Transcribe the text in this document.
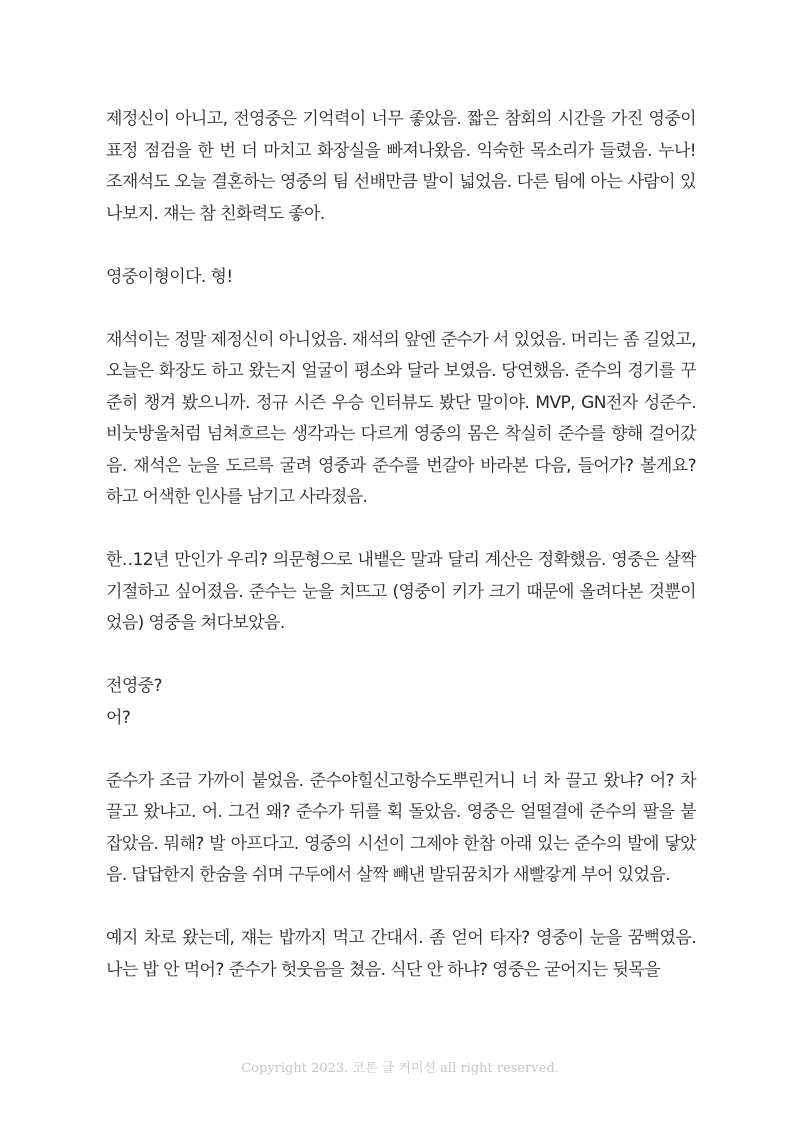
제정신이 아니고, 전영중은 기억력이 너무 좋았음. 짧은 참회의 시간을 가진 영중이 표정 점검을 한 번 더 마치고 화장실을 빠져나왔음. 익숙한 목소리가 들렸음. 누나! 조재석도 오늘 결혼하는 영중의 팀 선배만큼 발이 넓었음. 다른 팀에 아는 사람이 있나보지. 쟤는 참 친화력도 좋아.

영중이형이다. 형!

재석이는 정말 제정신이 아니었음. 재석의 앞엔 준수가 서 있었음. 머리는 좀 길었고, 오늘은 화장도 하고 왔는지 얼굴이 평소와 달라 보였음. 당연했음. 준수의 경기를 꾸준히 챙겨 봤으니까. 정규 시즌 우승 인터뷰도 봤단 말이야. MVP, GN전자 성준수. 비눗방울처럼 넘쳐흐르는 생각과는 다르게 영중의 몸은 착실히 준수를 향해 걸어갔음. 재석은 눈을 도르륵 굴려 영중과 준수를 번갈아 바라본 다음, 들어가? 볼게요? 하고 어색한 인사를 남기고 사라졌음.

한‥12년 만인가 우리? 의문형으로 내뱉은 말과 달리 계산은 정확했음. 영중은 살짝 기절하고 싶어졌음. 준수는 눈을 치뜨고 (영중이 키가 크기 때문에 올려다본 것뿐이었음) 영중을 쳐다보았음.

전영중?

어?

준수가 조금 가까이 붙었음. 준수야힐신고항수도뿌린거니 너 차 끌고 왔냐? 어? 차 끌고 왔냐고. 어. 그건 왜? 준수가 뒤를 획 돌았음. 영중은 얼떨결에 준수의 팔을 붙잡았음. 뭐해? 발 아프다고. 영중의 시선이 그제야 한참 아래 있는 준수의 발에 닿았음. 답답한지 한숨을 쉬며 구두에서 살짝 빼낸 발뒤꿈치가 새빨갛게 부어 있었음.

예지 차로 왔는데, 쟤는 밥까지 먹고 간대서. 좀 얻어 타자? 영중이 눈을 꿈뻑였음. 나는 밥 안 먹어? 준수가 헛웃음을 쳤음. 식단 안 하냐? 영중은 굳어지는 뒷목을

Copyright 2023. 코튼 글 커미션 all right reserved.
